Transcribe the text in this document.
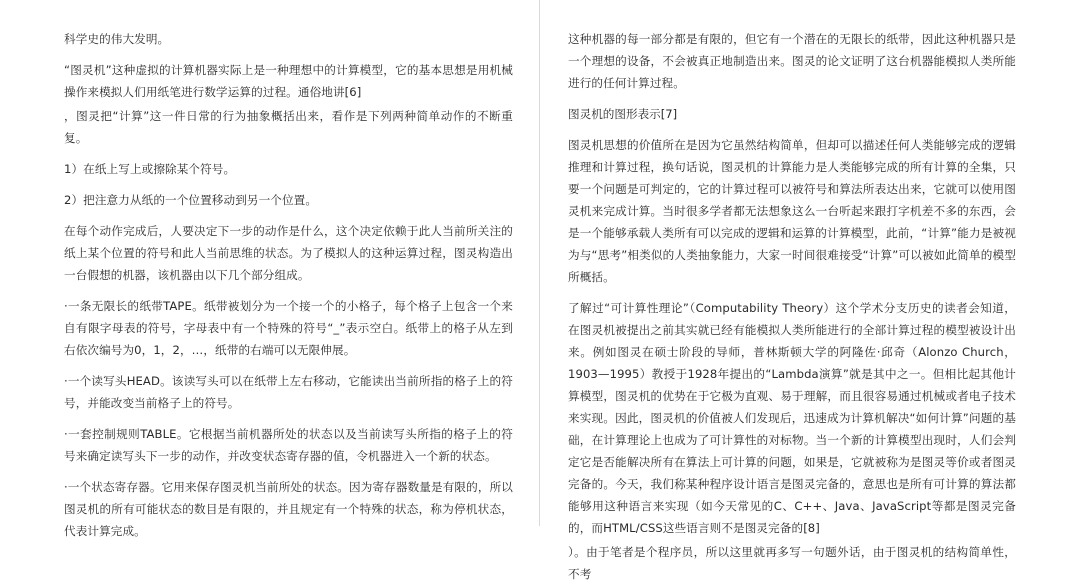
科学史的伟大发明。

“图灵机”这种虚拟的计算机器实际上是一种理想中的计算模型，它的基本思想是用机械操作来模拟人们用纸笔进行数学运算的过程。通俗地讲[6]

，图灵把“计算”这一件日常的行为抽象概括出来，看作是下列两种简单动作的不断重复。

1）在纸上写上或擦除某个符号。

2）把注意力从纸的一个位置移动到另一个位置。

在每个动作完成后，人要决定下一步的动作是什么，这个决定依赖于此人当前所关注的纸上某个位置的符号和此人当前思维的状态。为了模拟人的这种运算过程，图灵构造出一台假想的机器，该机器由以下几个部分组成。

·一条无限长的纸带TAPE。纸带被划分为一个接一个的小格子，每个格子上包含一个来自有限字母表的符号，字母表中有一个特殊的符号“_”表示空白。纸带上的格子从左到右依次编号为0，1，2，…，纸带的右端可以无限伸展。

·一个读写头HEAD。该读写头可以在纸带上左右移动，它能读出当前所指的格子上的符号，并能改变当前格子上的符号。

·一套控制规则TABLE。它根据当前机器所处的状态以及当前读写头所指的格子上的符号来确定读写头下一步的动作，并改变状态寄存器的值，令机器进入一个新的状态。

·一个状态寄存器。它用来保存图灵机当前所处的状态。因为寄存器数量是有限的，所以图灵机的所有可能状态的数目是有限的，并且规定有一个特殊的状态，称为停机状态，代表计算完成。

这种机器的每一部分都是有限的，但它有一个潜在的无限长的纸带，因此这种机器只是一个理想的设备，不会被真正地制造出来。图灵的论文证明了这台机器能模拟人类所能进行的任何计算过程。

图灵机的图形表示[7]

图灵机思想的价值所在是因为它虽然结构简单，但却可以描述任何人类能够完成的逻辑推理和计算过程，换句话说，图灵机的计算能力是人类能够完成的所有计算的全集，只要一个问题是可判定的，它的计算过程可以被符号和算法所表达出来，它就可以使用图灵机来完成计算。当时很多学者都无法想象这么一台听起来跟打字机差不多的东西，会是一个能够承载人类所有可以完成的逻辑和运算的计算模型，此前，“计算”能力是被视为与“思考”相类似的人类抽象能力，大家一时间很难接受“计算”可以被如此简单的模型所概括。

了解过“可计算性理论”（Computability Theory）这个学术分支历史的读者会知道，在图灵机被提出之前其实就已经有能模拟人类所能进行的全部计算过程的模型被设计出来。例如图灵在硕士阶段的导师，普林斯顿大学的阿隆佐·邱奇（Alonzo Church，1903—1995）教授于1928年提出的“Lambda演算”就是其中之一。但相比起其他计算模型，图灵机的优势在于它极为直观、易于理解，而且很容易通过机械或者电子技术来实现。因此，图灵机的价值被人们发现后，迅速成为计算机解决“如何计算”问题的基础，在计算理论上也成为了可计算性的对标物。当一个新的计算模型出现时，人们会判定它是否能解决所有在算法上可计算的问题，如果是，它就被称为是图灵等价或者图灵完备的。今天，我们称某种程序设计语言是图灵完备的，意思也是所有可计算的算法都能够用这种语言来实现（如今天常见的C、C++、Java、JavaScript等都是图灵完备的，而HTML/CSS这些语言则不是图灵完备的[8]

）。由于笔者是个程序员，所以这里就再多写一句题外话，由于图灵机的结构简单性，不考
